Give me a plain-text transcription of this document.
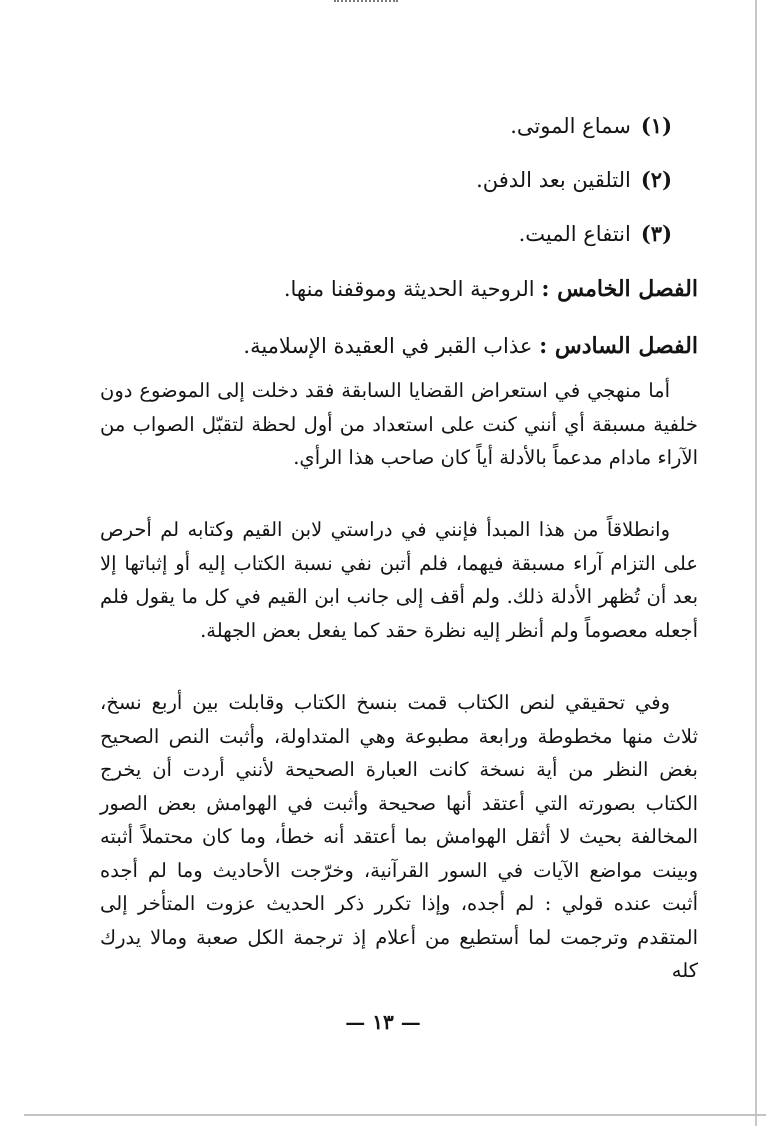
(١)سماع الموتى.
(٢)التلقين بعد الدفن.
(٣)انتفاع الميت.
الفصل الخامس : الروحية الحديثة وموقفنا منها.
الفصل السادس : عذاب القبر في العقيدة الإسلامية.

أما منهجي في استعراض القضايا السابقة فقد دخلت إلى الموضوع دون خلفية مسبقة أي أنني كنت على استعداد من أول لحظة لتقبّل الصواب من الآراء مادام مدعماً بالأدلة أياً كان صاحب هذا الرأي.

وانطلاقاً من هذا المبدأ فإنني في دراستي لابن القيم وكتابه لم أحرص على التزام آراء مسبقة فيهما، فلم أتبن نفي نسبة الكتاب إليه أو إثباتها إلا بعد أن تُظهر الأدلة ذلك. ولم أقف إلى جانب ابن القيم في كل ما يقول فلم أجعله معصوماً ولم أنظر إليه نظرة حقد كما يفعل بعض الجهلة.

وفي تحقيقي لنص الكتاب قمت بنسخ الكتاب وقابلت بين أربع نسخ، ثلاث منها مخطوطة ورابعة مطبوعة وهي المتداولة، وأثبت النص الصحيح بغض النظر من أية نسخة كانت العبارة الصحيحة لأنني أردت أن يخرج الكتاب بصورته التي أعتقد أنها صحيحة وأثبت في الهوامش بعض الصور المخالفة بحيث لا أثقل الهوامش بما أعتقد أنه خطأ، وما كان محتملاً أثبته وبينت مواضع الآيات في السور القرآنية، وخرّجت الأحاديث وما لم أجده أثبت عنده قولي : لم أجده، وإذا تكرر ذكر الحديث عزوت المتأخر إلى المتقدم وترجمت لما أستطيع من أعلام إذ ترجمة الكل صعبة ومالا يدرك كله

— ١٣ —
